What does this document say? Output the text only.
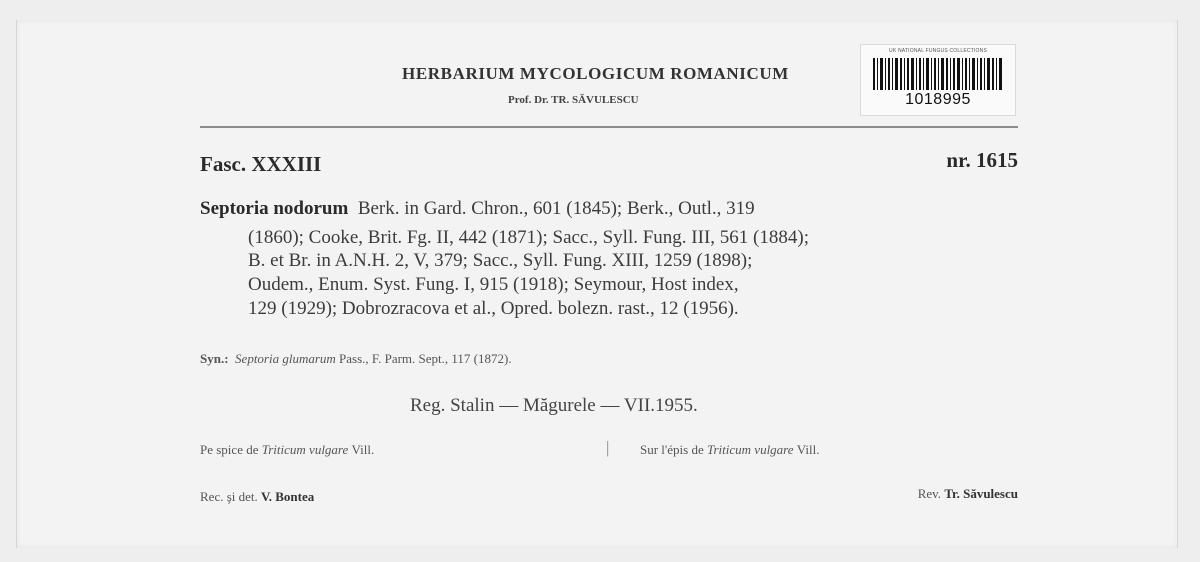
HERBARIUM MYCOLOGICUM ROMANICUM
Prof. Dr. TR. SĂVULESCU
UK NATIONAL FUNGUS COLLECTIONS
1018995
Fasc. XXXIII	nr. 1615
Septoria nodorum Berk. in Gard. Chron., 601 (1845); Berk., Outl., 319
(1860); Cooke, Brit. Fg. II, 442 (1871); Sacc., Syll. Fung. III, 561 (1884);
B. et Br. in A.N.H. 2, V, 379; Sacc., Syll. Fung. XIII, 1259 (1898);
Oudem., Enum. Syst. Fung. I, 915 (1918); Seymour, Host index,
129 (1929); Dobrozracova et al., Opred. bolezn. rast., 12 (1956).
Syn.: Septoria glumarum Pass., F. Parm. Sept., 117 (1872).
Reg. Stalin — Măgurele — VII.1955.
Pe spice de Triticum vulgare Vill.	| Sur l'épis de Triticum vulgare Vill.
Rec. şi det. V. Bontea	Rev. Tr. Săvulescu
